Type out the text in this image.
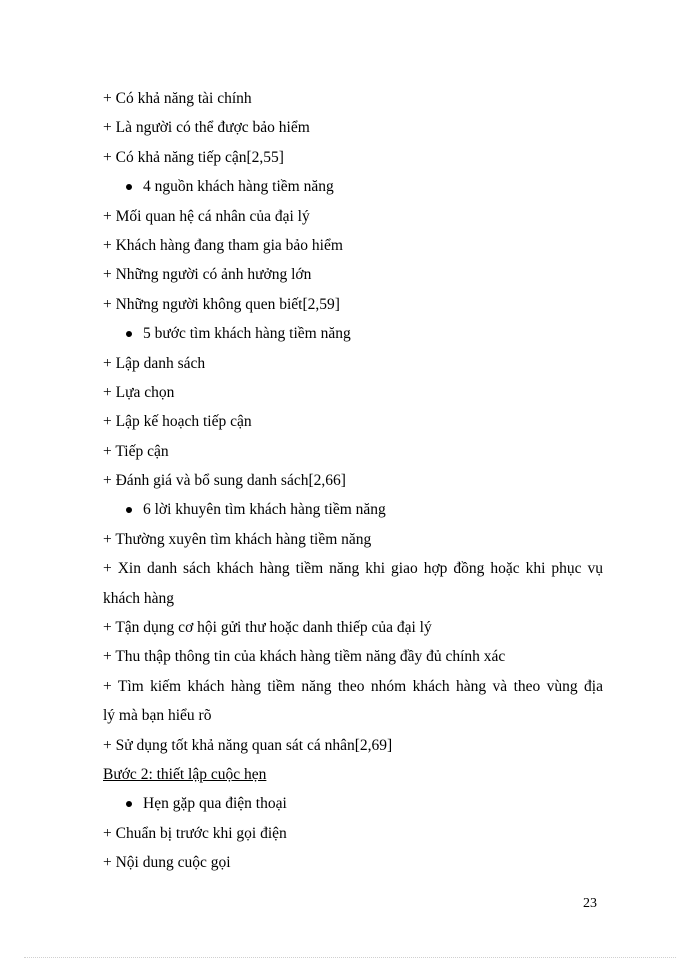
+ Có khả năng tài chính
+ Là người có thể được bảo hiểm
+ Có khả năng tiếp cận[2,55]
4 nguồn khách hàng tiềm năng
+ Mối quan hệ cá nhân của đại lý
+ Khách hàng đang tham gia bảo hiểm
+ Những người có ảnh hưởng lớn
+ Những người không quen biết[2,59]
5 bước tìm khách hàng tiềm năng
+ Lập danh sách
+ Lựa chọn
+ Lập kế hoạch tiếp cận
+ Tiếp cận
+ Đánh giá và bổ sung danh sách[2,66]
6 lời khuyên tìm khách hàng tiềm năng
+ Thường xuyên tìm khách hàng tiềm năng
+ Xin danh sách khách hàng tiềm năng khi giao hợp đồng hoặc khi phục vụ
khách hàng
+ Tận dụng cơ hội gửi thư hoặc danh thiếp của đại lý
+ Thu thập thông tin của khách hàng tiềm năng đầy đủ chính xác
+ Tìm kiếm khách hàng tiềm năng theo nhóm khách hàng và theo vùng địa
lý mà bạn hiểu rõ
+ Sử dụng tốt khả năng quan sát cá nhân[2,69]
Bước 2: thiết lập cuộc hẹn
Hẹn gặp qua điện thoại
+ Chuẩn bị trước khi gọi điện
+ Nội dung cuộc gọi
23
